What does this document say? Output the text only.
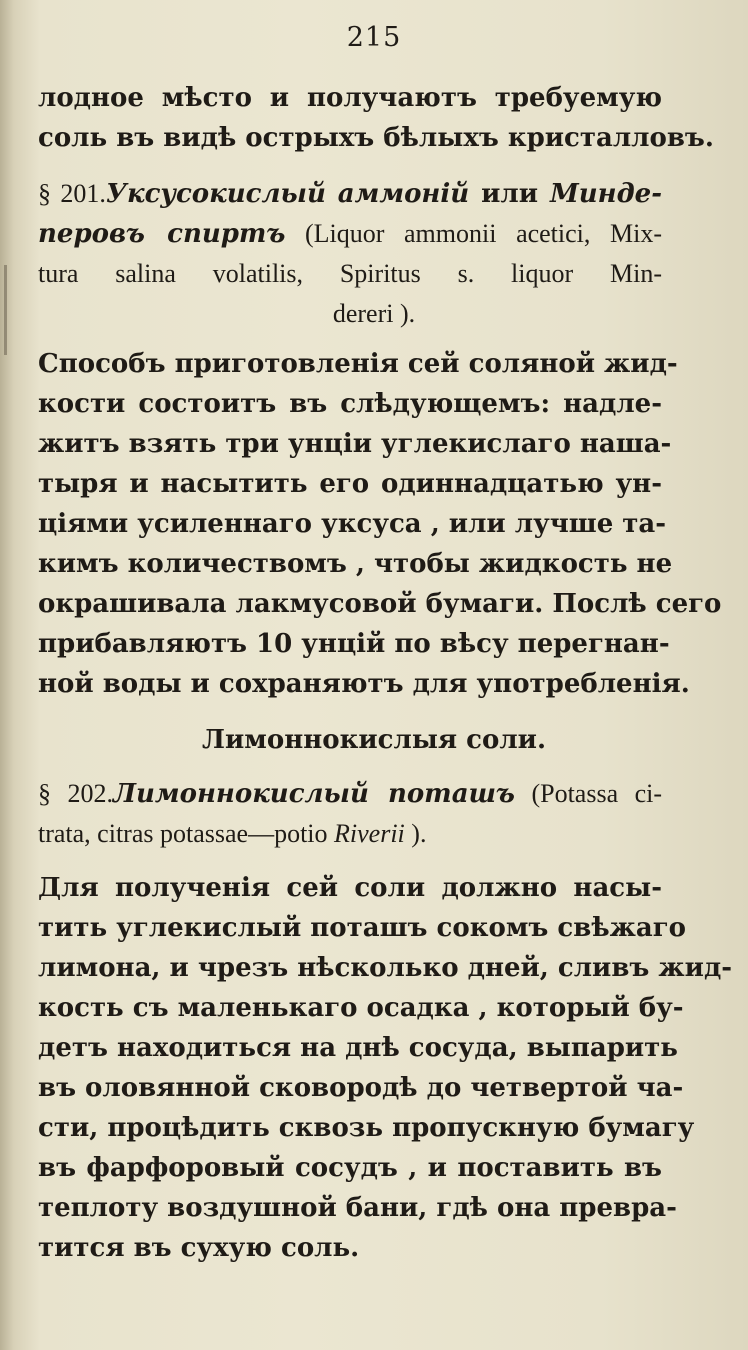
215
лодное мѣсто и получаютъ требуемую
соль въ видѣ острыхъ бѣлыхъ кристалловъ.
§ 201.Уксусокислый аммоній или Минде-
перовъ спиртъ (Liquor ammonii acetici, Mix-
tura salina volatilis, Spiritus s. liquor Min-
dereri ).
Способъ приготовленія сей соляной жид-
кости состоитъ въ слѣдующемъ: надле-
житъ взять три унціи углекислаго наша-
тыря и насытить его одиннадцатью ун-
ціями усиленнаго уксуса , или лучше та-
кимъ количествомъ , чтобы жидкость не
окрашивала лакмусовой бумаги. Послѣ сего
прибавляютъ 10 унцій по вѣсу перегнан-
ной воды и сохраняютъ для употребленія.
Лимоннокислыя соли.
§ 202.Лимоннокислый поташъ (Potassa ci-
trata, citras potassae—potio Riverii ).
Для полученія сей соли должно насы-
тить углекислый поташъ сокомъ свѣжаго
лимона, и чрезъ нѣсколько дней, сливъ жид-
кость съ маленькаго осадка , который бу-
детъ находиться на днѣ сосуда, выпарить
въ оловянной сковородѣ до четвертой ча-
сти, процѣдить сквозь пропускную бумагу
въ фарфоровый сосудъ , и поставить въ
теплоту воздушной бани, гдѣ она превра-
тится въ сухую соль.
